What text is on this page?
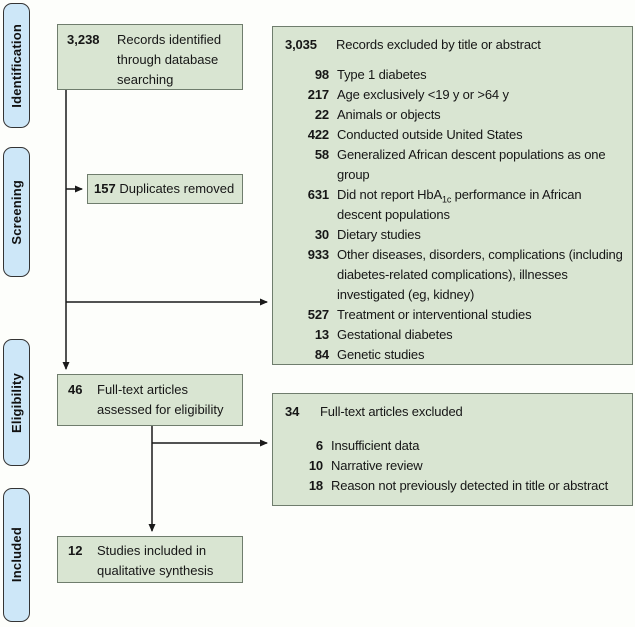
Identification
Screening
Eligibility
Included
3,238	Records identified through database searching
157 Duplicates removed
3,035	Records excluded by title or abstract
98 Type 1 diabetes
217 Age exclusively <19 y or >64 y
22 Animals or objects
422 Conducted outside United States
58 Generalized African descent populations as one group
631 Did not report HbA$_{1c}$ performance in African descent populations
30 Dietary studies
933 Other diseases, disorders, complications (including diabetes-related complications), illnesses investigated (eg, kidney)
527 Treatment or interventional studies
13 Gestational diabetes
84 Genetic studies
46	Full-text articles assessed for eligibility	34	Full-text articles excluded
6 Insufficient data
10 Narrative review
18 Reason not previously detected in title or abstract
12	Studies included in qualitative synthesis
